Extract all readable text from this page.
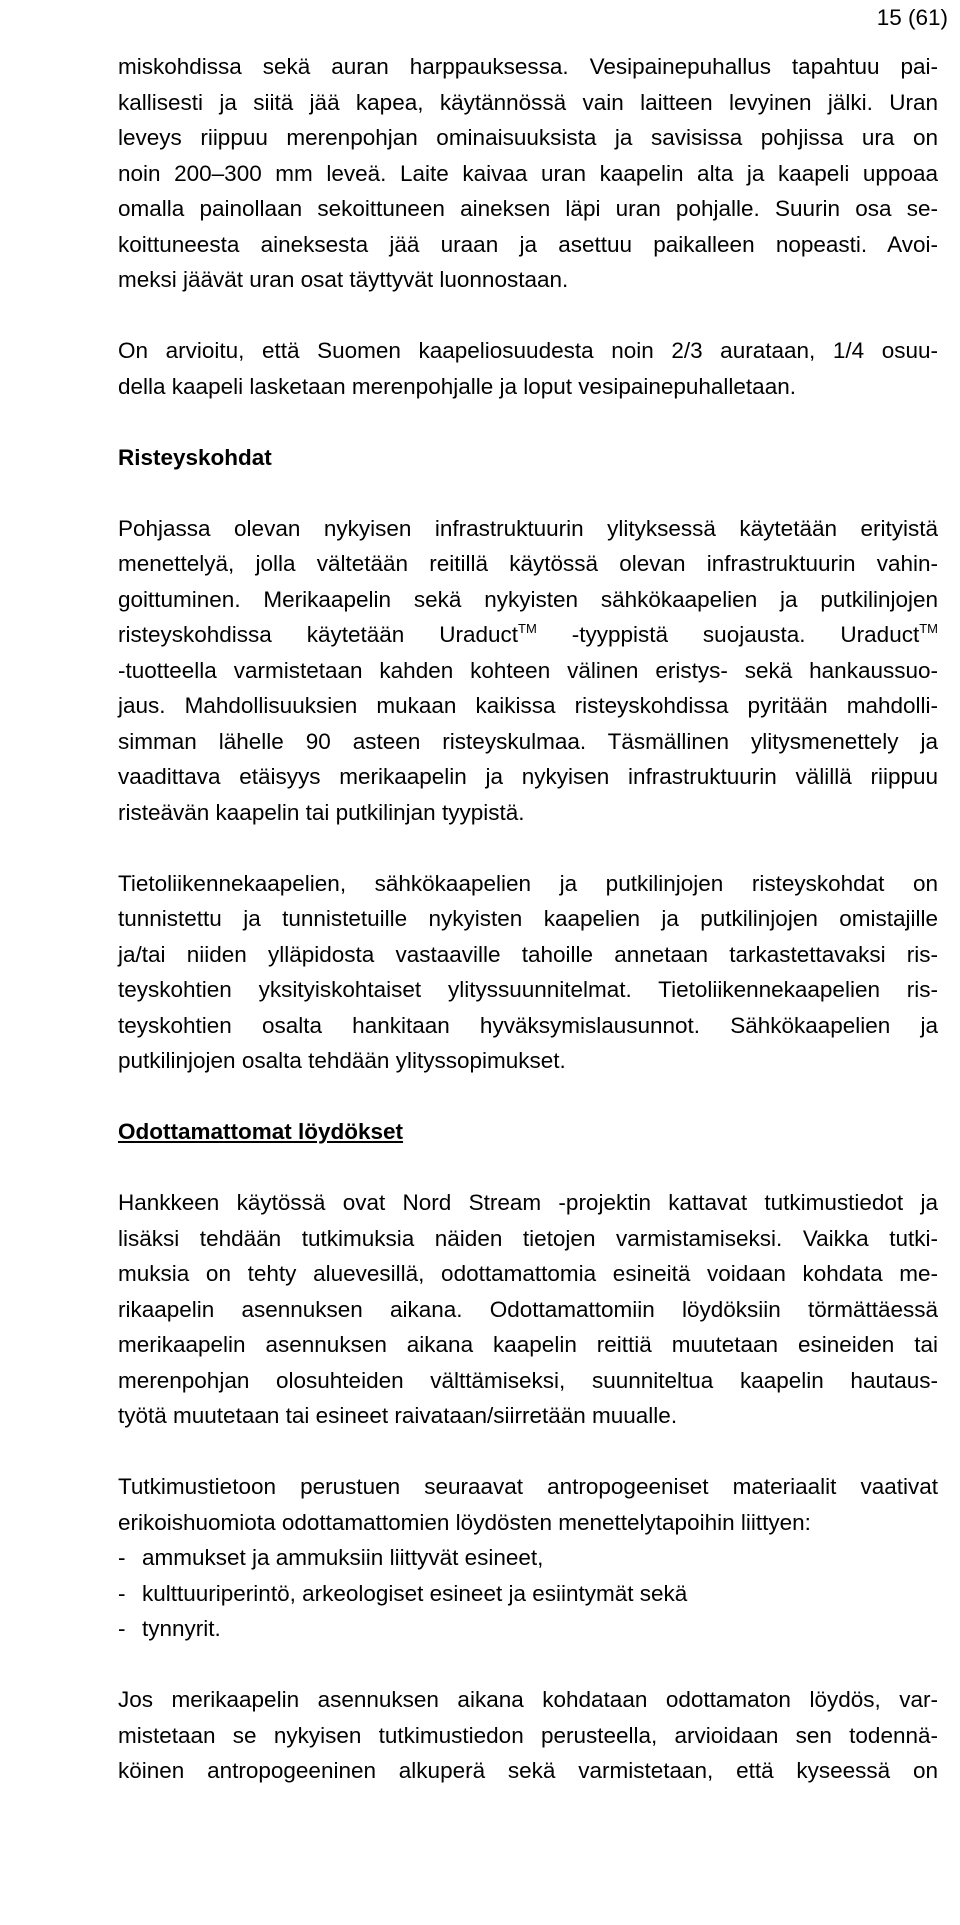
15 (61)
miskohdissa sekä auran harppauksessa. Vesipainepuhallus tapahtuu pai-
kallisesti ja siitä jää kapea, käytännössä vain laitteen levyinen jälki. Uran
leveys riippuu merenpohjan ominaisuuksista ja savisissa pohjissa ura on
noin 200–300 mm leveä. Laite kaivaa uran kaapelin alta ja kaapeli uppoaa
omalla painollaan sekoittuneen aineksen läpi uran pohjalle. Suurin osa se-
koittuneesta aineksesta jää uraan ja asettuu paikalleen nopeasti. Avoi-
meksi jäävät uran osat täyttyvät luonnostaan.
On arvioitu, että Suomen kaapeliosuudesta noin 2/3 aurataan, 1/4 osuu-
della kaapeli lasketaan merenpohjalle ja loput vesipainepuhalletaan.
Risteyskohdat
Pohjassa olevan nykyisen infrastruktuurin ylityksessä käytetään erityistä
menettelyä, jolla vältetään reitillä käytössä olevan infrastruktuurin vahin-
goittuminen. Merikaapelin sekä nykyisten sähkökaapelien ja putkilinjojen
risteyskohdissa käytetään Uraduct™ -tyyppistä suojausta. Uraduct™
-tuotteella varmistetaan kahden kohteen välinen eristys- sekä hankaussuo-
jaus. Mahdollisuuksien mukaan kaikissa risteyskohdissa pyritään mahdolli-
simman lähelle 90 asteen risteyskulmaa. Täsmällinen ylitysmenettely ja
vaadittava etäisyys merikaapelin ja nykyisen infrastruktuurin välillä riippuu
risteävän kaapelin tai putkilinjan tyypistä.
Tietoliikennekaapelien, sähkökaapelien ja putkilinjojen risteyskohdat on
tunnistettu ja tunnistetuille nykyisten kaapelien ja putkilinjojen omistajille
ja/tai niiden ylläpidosta vastaaville tahoille annetaan tarkastettavaksi ris-
teyskohtien yksityiskohtaiset ylityssuunnitelmat. Tietoliikennekaapelien ris-
teyskohtien osalta hankitaan hyväksymislausunnot. Sähkökaapelien ja
putkilinjojen osalta tehdään ylityssopimukset.
Odottamattomat löydökset
Hankkeen käytössä ovat Nord Stream -projektin kattavat tutkimustiedot ja
lisäksi tehdään tutkimuksia näiden tietojen varmistamiseksi. Vaikka tutki-
muksia on tehty aluevesillä, odottamattomia esineitä voidaan kohdata me-
rikaapelin asennuksen aikana. Odottamattomiin löydöksiin törmättäessä
merikaapelin asennuksen aikana kaapelin reittiä muutetaan esineiden tai
merenpohjan olosuhteiden välttämiseksi, suunniteltua kaapelin hautaus-
työtä muutetaan tai esineet raivataan/siirretään muualle.
Tutkimustietoon perustuen seuraavat antropogeeniset materiaalit vaativat
erikoishuomiota odottamattomien löydösten menettelytapoihin liittyen:
- ammukset ja ammuksiin liittyvät esineet,
- kulttuuriperintö, arkeologiset esineet ja esiintymät sekä
- tynnyrit.
Jos merikaapelin asennuksen aikana kohdataan odottamaton löydös, var-
mistetaan se nykyisen tutkimustiedon perusteella, arvioidaan sen todennä-
köinen antropogeeninen alkuperä sekä varmistetaan, että kyseessä on
